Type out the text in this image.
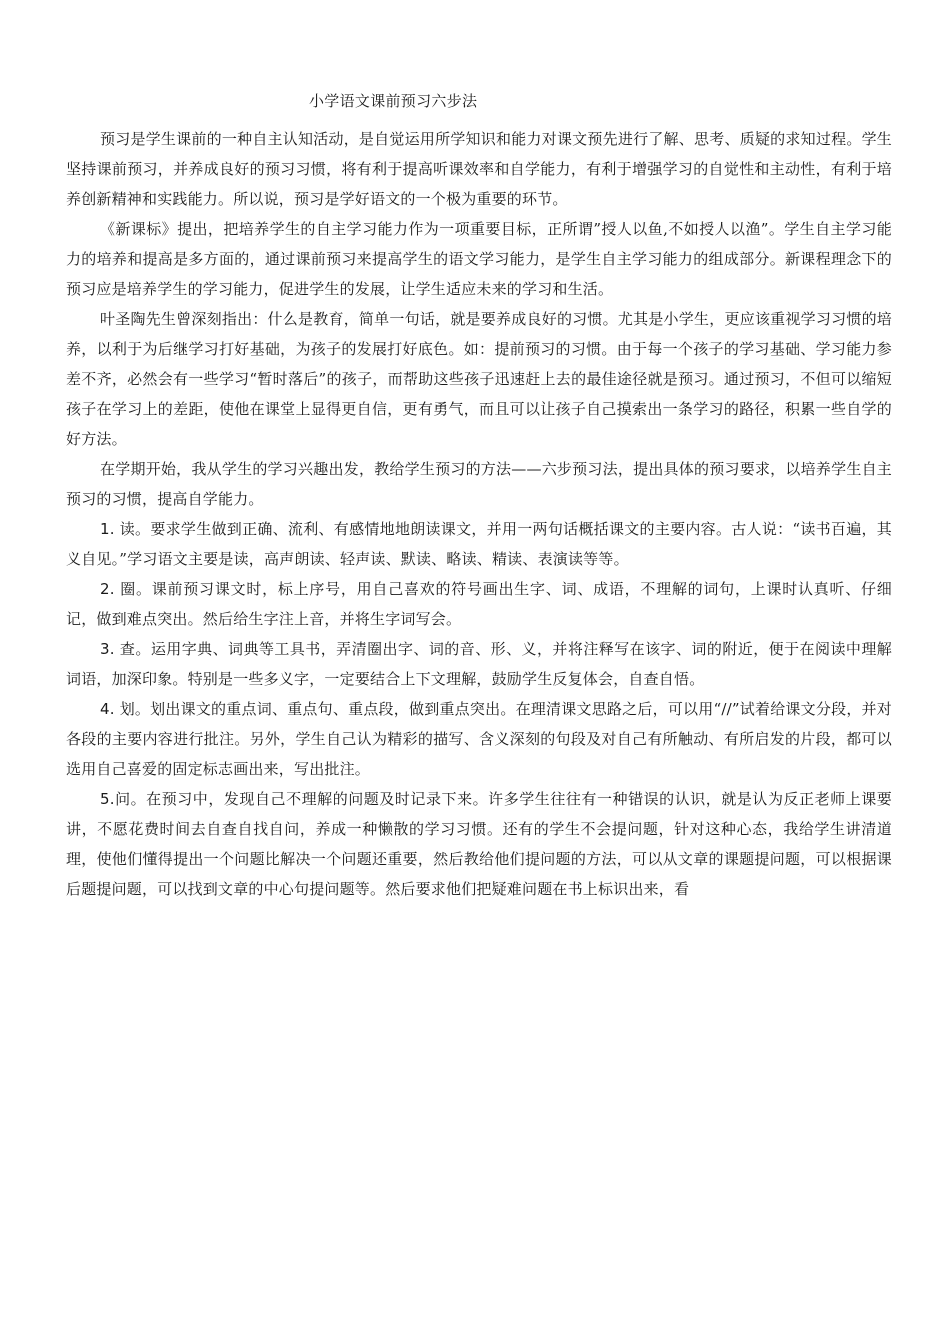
小学语文课前预习六步法

预习是学生课前的一种自主认知活动，是自觉运用所学知识和能力对课文预先进行了解、思考、质疑的求知过程。学生坚持课前预习，并养成良好的预习习惯，将有利于提高听课效率和自学能力，有利于增强学习的自觉性和主动性，有利于培养创新精神和实践能力。所以说，预习是学好语文的一个极为重要的环节。

《新课标》提出，把培养学生的自主学习能力作为一项重要目标，正所谓”授人以鱼,不如授人以渔”。学生自主学习能力的培养和提高是多方面的，通过课前预习来提高学生的语文学习能力，是学生自主学习能力的组成部分。新课程理念下的预习应是培养学生的学习能力，促进学生的发展，让学生适应未来的学习和生活。

叶圣陶先生曾深刻指出：什么是教育，简单一句话，就是要养成良好的习惯。尤其是小学生，更应该重视学习习惯的培养，以利于为后继学习打好基础，为孩子的发展打好底色。如：提前预习的习惯。由于每一个孩子的学习基础、学习能力参差不齐，必然会有一些学习“暂时落后”的孩子，而帮助这些孩子迅速赶上去的最佳途径就是预习。通过预习，不但可以缩短孩子在学习上的差距，使他在课堂上显得更自信，更有勇气，而且可以让孩子自己摸索出一条学习的路径，积累一些自学的好方法。

在学期开始，我从学生的学习兴趣出发，教给学生预习的方法——六步预习法，提出具体的预习要求，以培养学生自主预习的习惯，提高自学能力。

1. 读。要求学生做到正确、流利、有感情地地朗读课文，并用一两句话概括课文的主要内容。古人说：“读书百遍，其义自见。”学习语文主要是读，高声朗读、轻声读、默读、略读、精读、表演读等等。

2. 圈。课前预习课文时，标上序号，用自己喜欢的符号画出生字、词、成语，不理解的词句，上课时认真听、仔细记，做到难点突出。然后给生字注上音，并将生字词写会。

3. 查。运用字典、词典等工具书，弄清圈出字、词的音、形、义，并将注释写在该字、词的附近，便于在阅读中理解词语，加深印象。特别是一些多义字，一定要结合上下文理解，鼓励学生反复体会，自查自悟。

4. 划。划出课文的重点词、重点句、重点段，做到重点突出。在理清课文思路之后，可以用“//”试着给课文分段，并对各段的主要内容进行批注。另外，学生自己认为精彩的描写、含义深刻的句段及对自己有所触动、有所启发的片段，都可以选用自己喜爱的固定标志画出来，写出批注。

5.问。在预习中，发现自己不理解的问题及时记录下来。许多学生往往有一种错误的认识，就是认为反正老师上课要讲，不愿花费时间去自查自找自问，养成一种懒散的学习习惯。还有的学生不会提问题，针对这种心态，我给学生讲清道理，使他们懂得提出一个问题比解决一个问题还重要，然后教给他们提问题的方法，可以从文章的课题提问题，可以根据课后题提问题，可以找到文章的中心句提问题等。然后要求他们把疑难问题在书上标识出来，看
